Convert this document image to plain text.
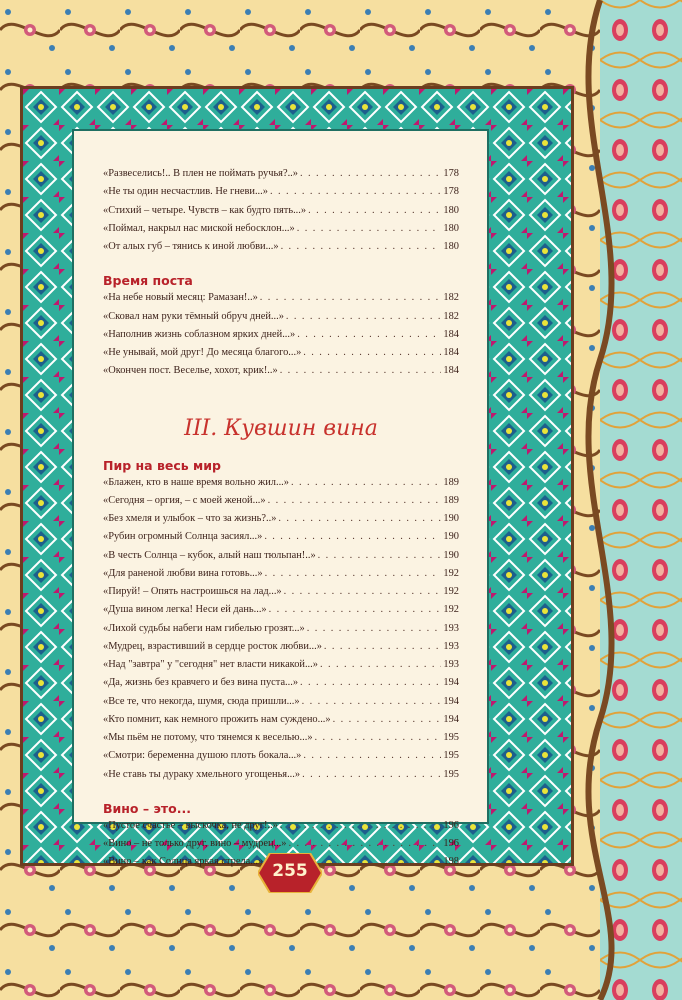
«Развеселись!.. В плен не поймать ручья?..» . . .	178
«Не ты один несчастлив. Не гневи...» . . .	178
«Стихий – четыре. Чувств – как будто пять...» . . .	180
«Поймал, накрыл нас миской небосклон...» . . .	180
«От алых губ – тянись к иной любви...» . . .	180
Время поста
«На небе новый месяц: Рамазан!..» . . .	182
«Сковал нам руки тёмный обруч дней...» . . .	182
«Наполнив жизнь соблазном ярких дней...» . . .	184
«Не унывай, мой друг! До месяца благого...» . . .	184
«Окончен пост. Веселье, хохот, крик!..» . . .	184
III. Кувшин вина
Пир на весь мир
«Блажен, кто в наше время вольно жил...» . . .	189
«Сегодня – оргия, – с моей женой...» . . .	189
«Без хмеля и улыбок – что за жизнь?..» . . .	190
«Рубин огромный Солнца засиял...» . . .	190
«В честь Солнца – кубок, алый наш тюльпан!..» . . .	190
«Для раненой любви вина готовь...» . . .	192
«Пируй! – Опять настроишься на лад...» . . .	192
«Душа вином легка! Неси ей дань...» . . .	192
«Лихой судьбы набеги нам гибелью грозят...» . . .	193
«Мудрец, взрастивший в сердце росток любви...» . . .	193
«Над "завтра" у "сегодня" нет власти никакой...» . . .	193
«Да, жизнь без кравчего и без вина пуста...» . . .	194
«Все те, что некогда, шумя, сюда пришли...» . . .	194
«Кто помнит, как немного прожить нам суждено...» . . .	194
«Мы пьём не потому, что тянемся к веселью...» . . .	195
«Смотри: беременна душою плоть бокала...» . . .	195
«Не ставь ты дураку хмельного угощенья...» . . .	195
Вино – это...
«Пустое счастье – выскочка, не друг!..» . . .	196
«Вино – не только друг, вино – мудрец...» . . .	196
«Вино – как Солнца яркая стрела...» . . .	198
255
